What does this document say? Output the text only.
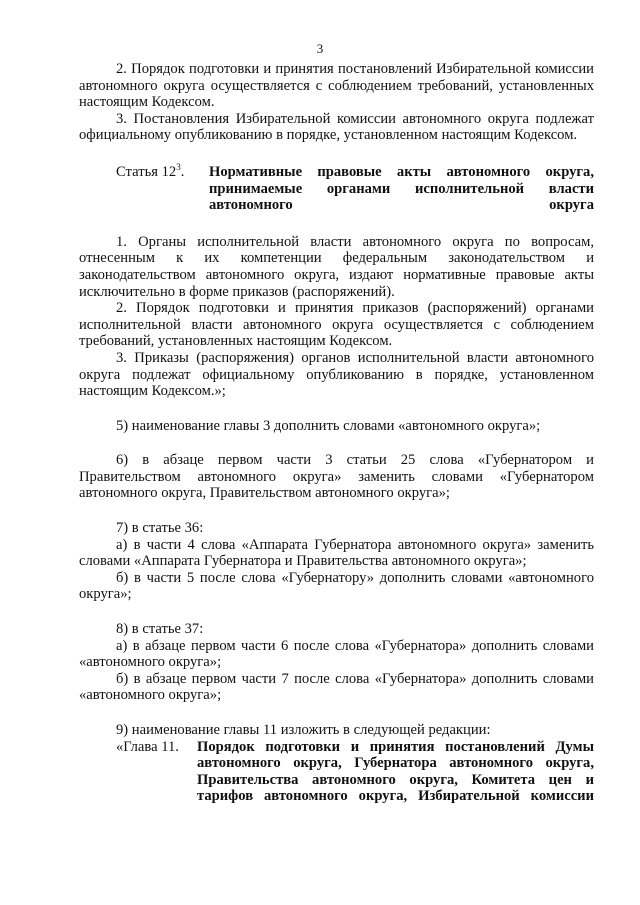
3

2. Порядок подготовки и принятия постановлений Избирательной комиссии автономного округа осуществляется с соблюдением требований, установленных настоящим Кодексом.

3. Постановления Избирательной комиссии автономного округа подлежат официальному опубликованию в порядке, установленном настоящим Кодексом.

Статья $12^3$.	Нормативные правовые акты автономного округа, принимаемые органами исполнительной власти автономного округа

1. Органы исполнительной власти автономного округа по вопросам, отнесенным к их компетенции федеральным законодательством и законодательством автономного округа, издают нормативные правовые акты исключительно в форме приказов (распоряжений).

2. Порядок подготовки и принятия приказов (распоряжений) органами исполнительной власти автономного округа осуществляется с соблюдением требований, установленных настоящим Кодексом.

3. Приказы (распоряжения) органов исполнительной власти автономного округа подлежат официальному опубликованию в порядке, установленном настоящим Кодексом.»;

5) наименование главы 3 дополнить словами «автономного округа»;

6) в абзаце первом части 3 статьи 25 слова «Губернатором и Правительством автономного округа» заменить словами «Губернатором автономного округа, Правительством автономного округа»;

7) в статье 36:

а) в части 4 слова «Аппарата Губернатора автономного округа» заменить словами «Аппарата Губернатора и Правительства автономного округа»;

б) в части 5 после слова «Губернатору» дополнить словами «автономного округа»;

8) в статье 37:

а) в абзаце первом части 6 после слова «Губернатора» дополнить словами «автономного округа»;

б) в абзаце первом части 7 после слова «Губернатора» дополнить словами «автономного округа»;

9) наименование главы 11 изложить в следующей редакции:

«Глава 11.	Порядок подготовки и принятия постановлений Думы автономного округа, Губернатора автономного округа, Правительства автономного округа, Комитета цен и тарифов автономного округа, Избирательной комиссии
